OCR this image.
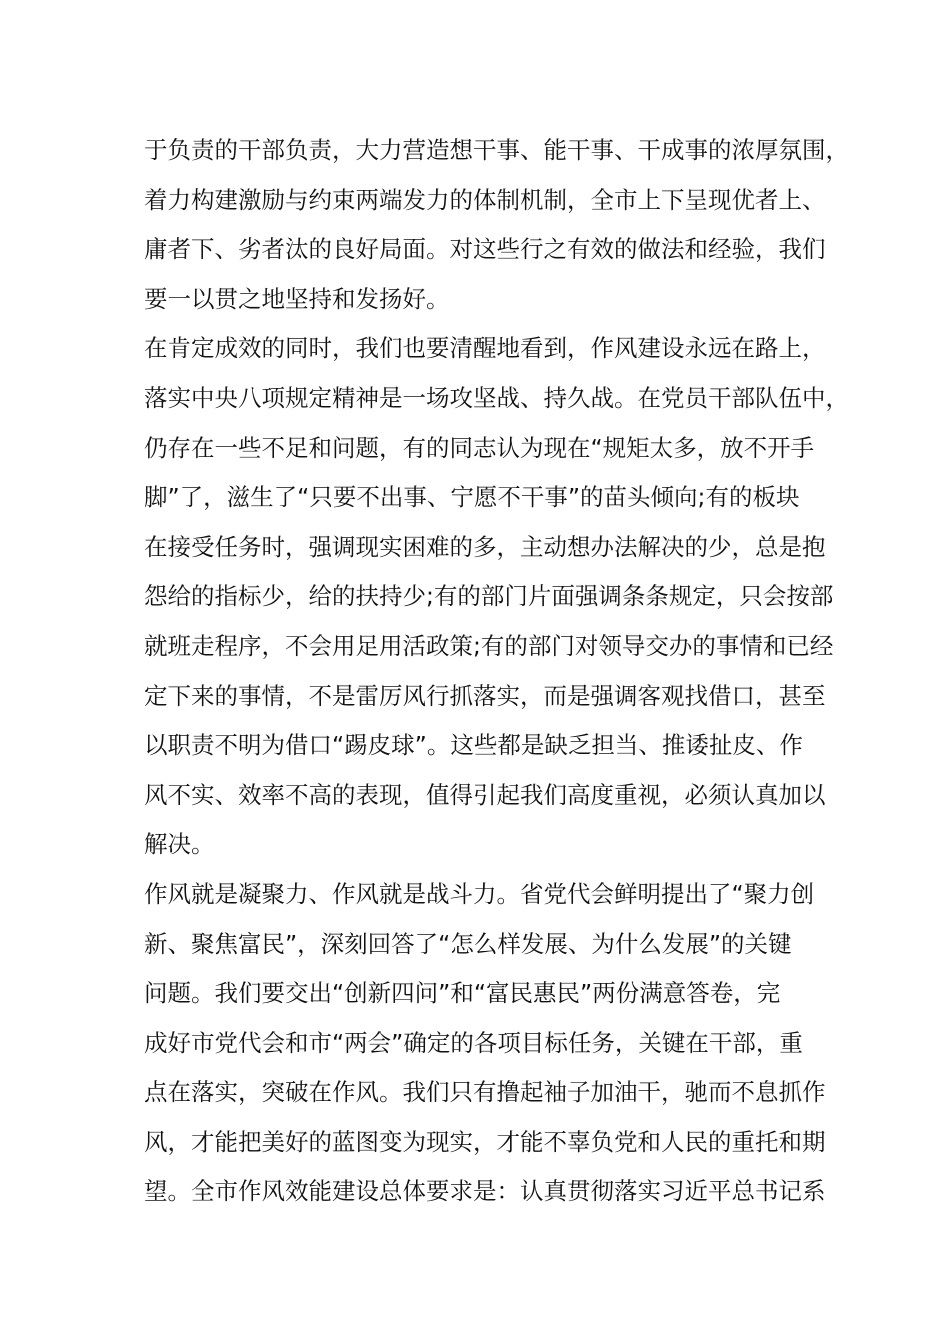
于负责的干部负责，大力营造想干事、能干事、干成事的浓厚氛围，
着力构建激励与约束两端发力的体制机制，全市上下呈现优者上、
庸者下、劣者汰的良好局面。对这些行之有效的做法和经验，我们
要一以贯之地坚持和发扬好。

在肯定成效的同时，我们也要清醒地看到，作风建设永远在路上，
落实中央八项规定精神是一场攻坚战、持久战。在党员干部队伍中，
仍存在一些不足和问题，有的同志认为现在“规矩太多，放不开手
脚”了，滋生了“只要不出事、宁愿不干事”的苗头倾向;有的板块
在接受任务时，强调现实困难的多，主动想办法解决的少，总是抱
怨给的指标少，给的扶持少;有的部门片面强调条条规定，只会按部
就班走程序，不会用足用活政策;有的部门对领导交办的事情和已经
定下来的事情，不是雷厉风行抓落实，而是强调客观找借口，甚至
以职责不明为借口“踢皮球”。这些都是缺乏担当、推诿扯皮、作
风不实、效率不高的表现，值得引起我们高度重视，必须认真加以
解决。

作风就是凝聚力、作风就是战斗力。省党代会鲜明提出了“聚力创
新、聚焦富民”，深刻回答了“怎么样发展、为什么发展”的关键
问题。我们要交出“创新四问”和“富民惠民”两份满意答卷，完
成好市党代会和市“两会”确定的各项目标任务，关键在干部，重
点在落实，突破在作风。我们只有撸起袖子加油干，驰而不息抓作
风，才能把美好的蓝图变为现实，才能不辜负党和人民的重托和期
望。全市作风效能建设总体要求是：认真贯彻落实习近平总书记系
